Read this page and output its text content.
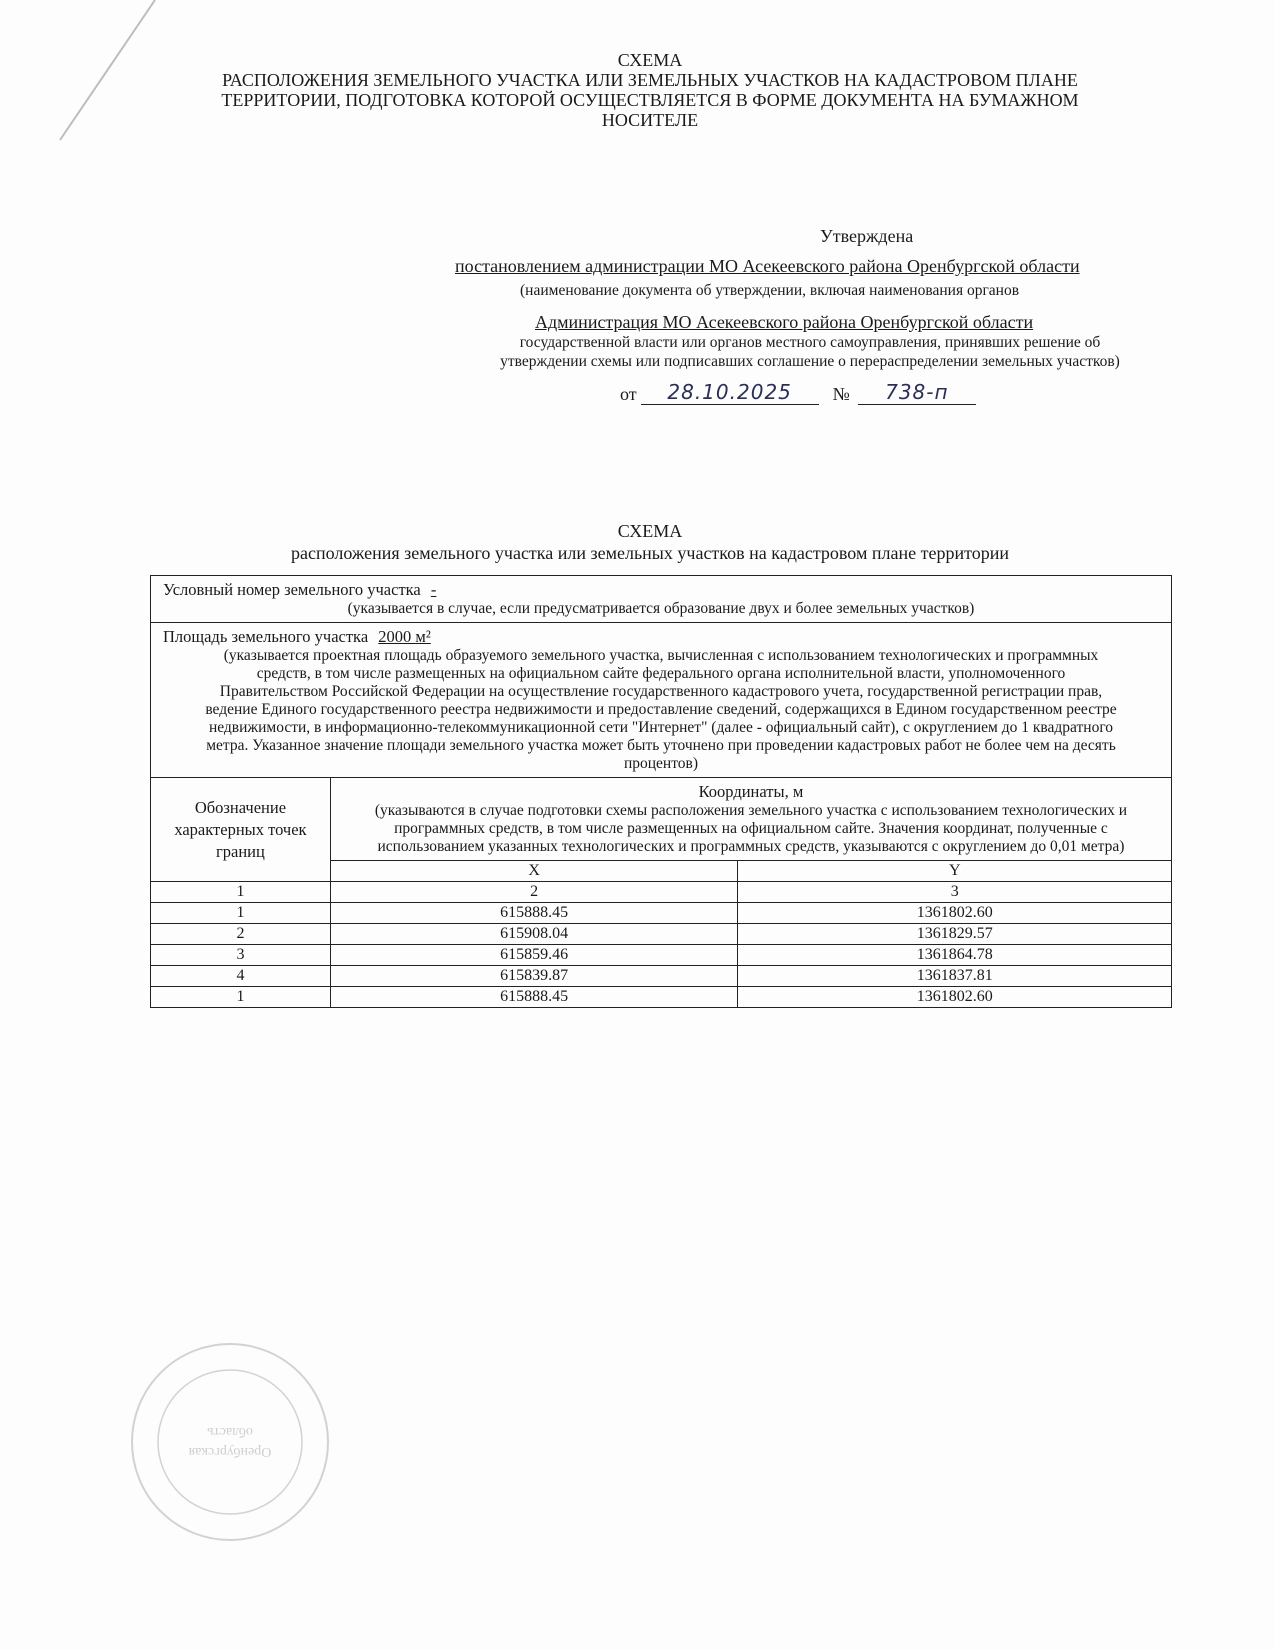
СХЕМА
РАСПОЛОЖЕНИЯ ЗЕМЕЛЬНОГО УЧАСТКА ИЛИ ЗЕМЕЛЬНЫХ УЧАСТКОВ НА КАДАСТРОВОМ ПЛАНЕ
ТЕРРИТОРИИ, ПОДГОТОВКА КОТОРОЙ ОСУЩЕСТВЛЯЕТСЯ В ФОРМЕ ДОКУМЕНТА НА БУМАЖНОМ
НОСИТЕЛЕ
Утверждена
постановлением администрации МО Асекеевского района Оренбургской области
(наименование документа об утверждении, включая наименования органов
Администрация МО Асекеевского района Оренбургской области
государственной власти или органов местного самоуправления, принявших решение об
утверждении схемы или подписавших соглашение о перераспределении земельных участков)
от	28.10.2025	№	738-п
СХЕМА
расположения земельного участка или земельных участков на кадастровом плане территории
Условный номер земельного участка -
(указывается в случае, если предусматривается образование двух и более земельных участков)		

Площадь земельного участка 2000 м²
(указывается проектная площадь образуемого земельного участка, вычисленная с использованием технологических и программных средств, в том числе размещенных на официальном сайте федерального органа исполнительной власти, уполномоченного Правительством Российской Федерации на осуществление государственного кадастрового учета, государственной регистрации прав, ведение Единого государственного реестра недвижимости и предоставление сведений, содержащихся в Едином государственном реестре недвижимости, в информационно-телекоммуникационной сети "Интернет" (далее - официальный сайт), с округлением до 1 квадратного метра. Указанное значение площади земельного участка может быть уточнено при проведении кадастровых работ не более чем на десять процентов)		

Обозначение характерных точек границ	Координаты, м
(указываются в случае подготовки схемы расположения земельного участка с использованием технологических и программных средств, в том числе размещенных на официальном сайте. Значения координат, полученные с использованием указанных технологических и программных средств, указываются с округлением до 0,01 метра)	

	X	Y
1	2	3
1	615888.45	1361802.60
2	615908.04	1361829.57
3	615859.46	1361864.78
4	615839.87	1361837.81
1	615888.45	1361802.60
Оренбургская
область
